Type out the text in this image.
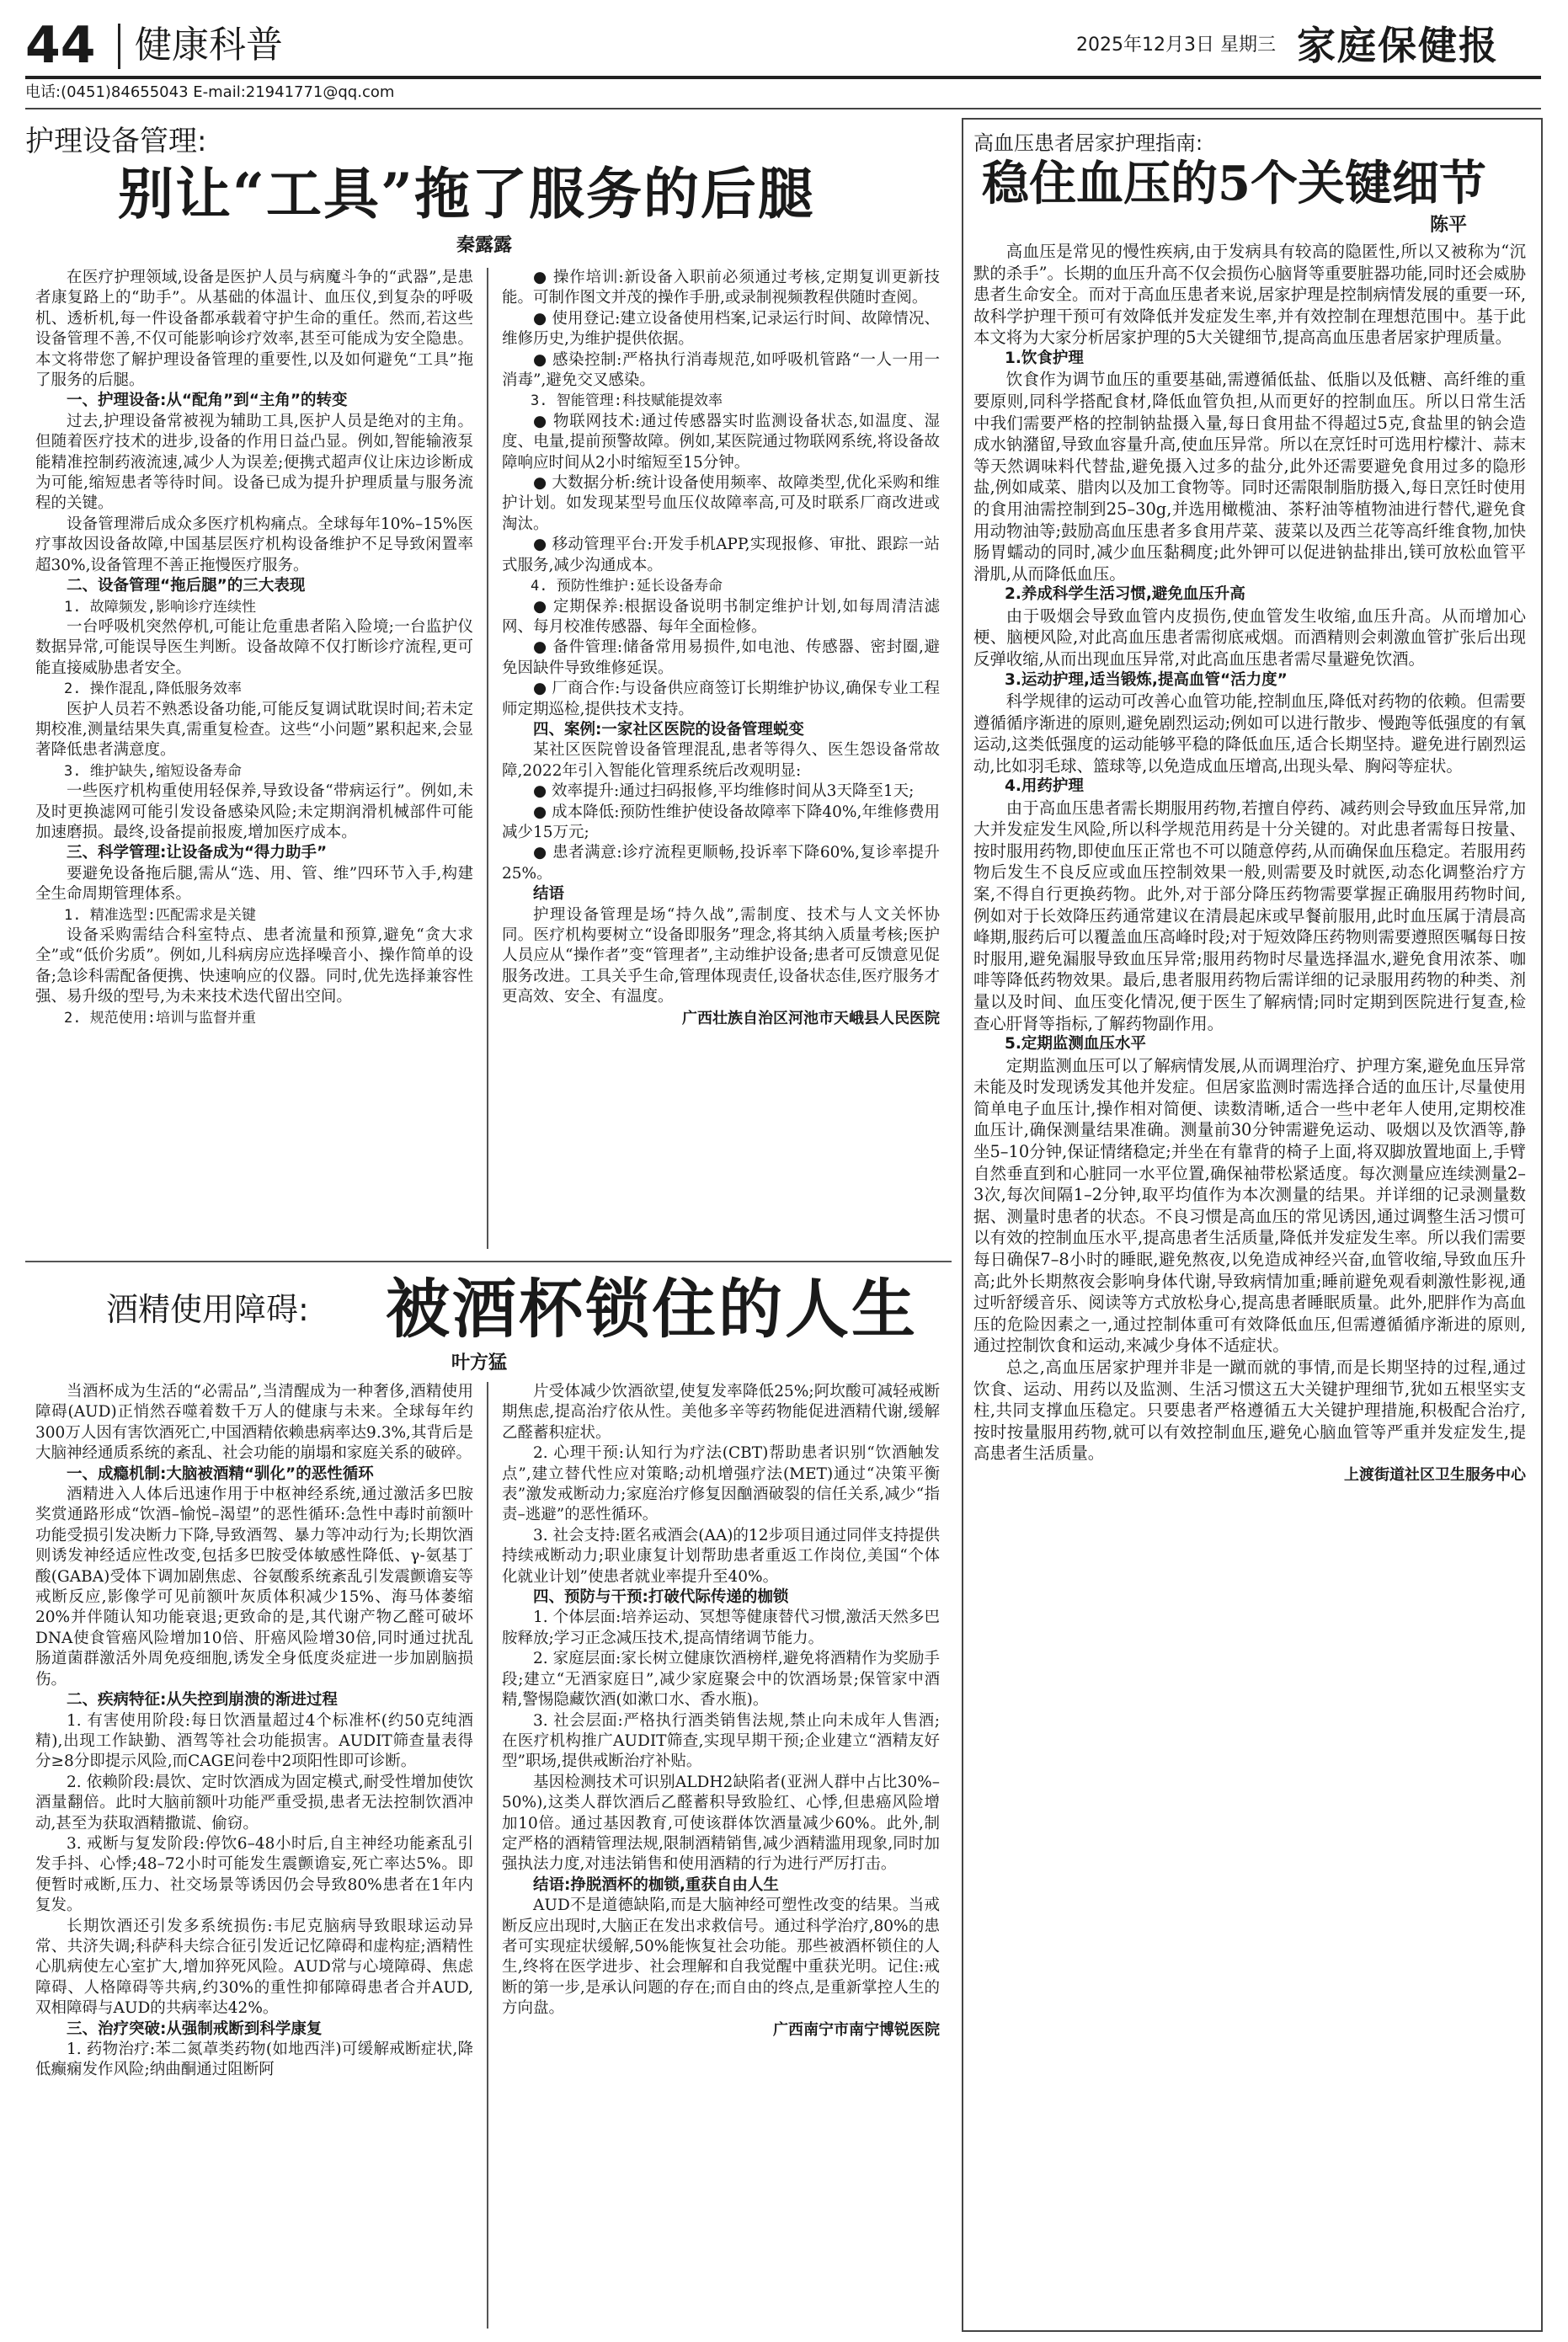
44 健康科普	2025年12月3日 星期三 家庭保健报
电话:(0451)84655043 E-mail:21941771@qq.com
护理设备管理:
别让“工具”拖了服务的后腿
秦露露

在医疗护理领域,设备是医护人员与病魔斗争的“武器”,是患者康复路上的“助手”。从基础的体温计、血压仪,到复杂的呼吸机、透析机,每一件设备都承载着守护生命的重任。然而,若这些设备管理不善,不仅可能影响诊疗效率,甚至可能成为安全隐患。本文将带您了解护理设备管理的重要性,以及如何避免“工具”拖了服务的后腿。

一、护理设备:从“配角”到“主角”的转变

过去,护理设备常被视为辅助工具,医护人员是绝对的主角。但随着医疗技术的进步,设备的作用日益凸显。例如,智能输液泵能精准控制药液流速,减少人为误差;便携式超声仪让床边诊断成为可能,缩短患者等待时间。设备已成为提升护理质量与服务流程的关键。

设备管理滞后成众多医疗机构痛点。全球每年10%–15%医疗事故因设备故障,中国基层医疗机构设备维护不足导致闲置率超30%,设备管理不善正拖慢医疗服务。

二、设备管理“拖后腿”的三大表现

1. 故障频发,影响诊疗连续性

一台呼吸机突然停机,可能让危重患者陷入险境;一台监护仪数据异常,可能误导医生判断。设备故障不仅打断诊疗流程,更可能直接威胁患者安全。

2. 操作混乱,降低服务效率

医护人员若不熟悉设备功能,可能反复调试耽误时间;若未定期校准,测量结果失真,需重复检查。这些“小问题”累积起来,会显著降低患者满意度。

3. 维护缺失,缩短设备寿命

一些医疗机构重使用轻保养,导致设备“带病运行”。例如,未及时更换滤网可能引发设备感染风险;未定期润滑机械部件可能加速磨损。最终,设备提前报废,增加医疗成本。

三、科学管理:让设备成为“得力助手”

要避免设备拖后腿,需从“选、用、管、维”四环节入手,构建全生命周期管理体系。

1. 精准选型:匹配需求是关键

设备采购需结合科室特点、患者流量和预算,避免“贪大求全”或“低价劣质”。例如,儿科病房应选择噪音小、操作简单的设备;急诊科需配备便携、快速响应的仪器。同时,优先选择兼容性强、易升级的型号,为未来技术迭代留出空间。

2. 规范使用:培训与监督并重

● 操作培训:新设备入职前必须通过考核,定期复训更新技能。可制作图文并茂的操作手册,或录制视频教程供随时查阅。

● 使用登记:建立设备使用档案,记录运行时间、故障情况、维修历史,为维护提供依据。

● 感染控制:严格执行消毒规范,如呼吸机管路“一人一用一消毒”,避免交叉感染。

3. 智能管理:科技赋能提效率

● 物联网技术:通过传感器实时监测设备状态,如温度、湿度、电量,提前预警故障。例如,某医院通过物联网系统,将设备故障响应时间从2小时缩短至15分钟。

● 大数据分析:统计设备使用频率、故障类型,优化采购和维护计划。如发现某型号血压仪故障率高,可及时联系厂商改进或淘汰。

● 移动管理平台:开发手机APP,实现报修、审批、跟踪一站式服务,减少沟通成本。

4. 预防性维护:延长设备寿命

● 定期保养:根据设备说明书制定维护计划,如每周清洁滤网、每月校准传感器、每年全面检修。

● 备件管理:储备常用易损件,如电池、传感器、密封圈,避免因缺件导致维修延误。

● 厂商合作:与设备供应商签订长期维护协议,确保专业工程师定期巡检,提供技术支持。

四、案例:一家社区医院的设备管理蜕变

某社区医院曾设备管理混乱,患者等得久、医生怨设备常故障,2022年引入智能化管理系统后改观明显:

● 效率提升:通过扫码报修,平均维修时间从3天降至1天;

● 成本降低:预防性维护使设备故障率下降40%,年维修费用减少15万元;

● 患者满意:诊疗流程更顺畅,投诉率下降60%,复诊率提升25%。

结语

护理设备管理是场“持久战”,需制度、技术与人文关怀协同。医疗机构要树立“设备即服务”理念,将其纳入质量考核;医护人员应从“操作者”变“管理者”,主动维护设备;患者可反馈意见促服务改进。工具关乎生命,管理体现责任,设备状态佳,医疗服务才更高效、安全、有温度。

广西壮族自治区河池市天峨县人民医院

酒精使用障碍: 被酒杯锁住的人生
叶方猛

当酒杯成为生活的“必需品”,当清醒成为一种奢侈,酒精使用障碍(AUD)正悄然吞噬着数千万人的健康与未来。全球每年约300万人因有害饮酒死亡,中国酒精依赖患病率达9.3%,其背后是大脑神经通质系统的紊乱、社会功能的崩塌和家庭关系的破碎。

一、成瘾机制:大脑被酒精“驯化”的恶性循环

酒精进入人体后迅速作用于中枢神经系统,通过激活多巴胺奖赏通路形成“饮酒–愉悦–渴望”的恶性循环:急性中毒时前额叶功能受损引发决断力下降,导致酒驾、暴力等冲动行为;长期饮酒则诱发神经适应性改变,包括多巴胺受体敏感性降低、γ-氨基丁酸(GABA)受体下调加剧焦虑、谷氨酸系统紊乱引发震颤谵妄等戒断反应,影像学可见前额叶灰质体积减少15%、海马体萎缩20%并伴随认知功能衰退;更致命的是,其代谢产物乙醛可破坏DNA使食管癌风险增加10倍、肝癌风险增30倍,同时通过扰乱肠道菌群激活外周免疫细胞,诱发全身低度炎症进一步加剧脑损伤。

二、疾病特征:从失控到崩溃的渐进过程

1. 有害使用阶段:每日饮酒量超过4个标准杯(约50克纯酒精),出现工作缺勤、酒驾等社会功能损害。AUDIT筛查量表得分≥8分即提示风险,而CAGE问卷中2项阳性即可诊断。

2. 依赖阶段:晨饮、定时饮酒成为固定模式,耐受性增加使饮酒量翻倍。此时大脑前额叶功能严重受损,患者无法控制饮酒冲动,甚至为获取酒精撒谎、偷窃。

3. 戒断与复发阶段:停饮6–48小时后,自主神经功能紊乱引发手抖、心悸;48–72小时可能发生震颤谵妄,死亡率达5%。即便暂时戒断,压力、社交场景等诱因仍会导致80%患者在1年内复发。

长期饮酒还引发多系统损伤:韦尼克脑病导致眼球运动异常、共济失调;科萨科夫综合征引发近记忆障碍和虚构症;酒精性心肌病使左心室扩大,增加猝死风险。AUD常与心境障碍、焦虑障碍、人格障碍等共病,约30%的重性抑郁障碍患者合并AUD,双相障碍与AUD的共病率达42%。

三、治疗突破:从强制戒断到科学康复

1. 药物治疗:苯二氮䓬类药物(如地西泮)可缓解戒断症状,降低癫痫发作风险;纳曲酮通过阻断阿

片受体减少饮酒欲望,使复发率降低25%;阿坎酸可减轻戒断期焦虑,提高治疗依从性。美他多辛等药物能促进酒精代谢,缓解乙醛蓄积症状。

2. 心理干预:认知行为疗法(CBT)帮助患者识别“饮酒触发点”,建立替代性应对策略;动机增强疗法(MET)通过“决策平衡表”激发戒断动力;家庭治疗修复因酗酒破裂的信任关系,减少“指责–逃避”的恶性循环。

3. 社会支持:匿名戒酒会(AA)的12步项目通过同伴支持提供持续戒断动力;职业康复计划帮助患者重返工作岗位,美国“个体化就业计划”使患者就业率提升至40%。

四、预防与干预:打破代际传递的枷锁

1. 个体层面:培养运动、冥想等健康替代习惯,激活天然多巴胺释放;学习正念减压技术,提高情绪调节能力。

2. 家庭层面:家长树立健康饮酒榜样,避免将酒精作为奖励手段;建立“无酒家庭日”,减少家庭聚会中的饮酒场景;保管家中酒精,警惕隐藏饮酒(如漱口水、香水瓶)。

3. 社会层面:严格执行酒类销售法规,禁止向未成年人售酒;在医疗机构推广AUDIT筛查,实现早期干预;企业建立“酒精友好型”职场,提供戒断治疗补贴。

基因检测技术可识别ALDH2缺陷者(亚洲人群中占比30%–50%),这类人群饮酒后乙醛蓄积导致脸红、心悸,但患癌风险增加10倍。通过基因教育,可使该群体饮酒量减少60%。此外,制定严格的酒精管理法规,限制酒精销售,减少酒精滥用现象,同时加强执法力度,对违法销售和使用酒精的行为进行严厉打击。

结语:挣脱酒杯的枷锁,重获自由人生

AUD不是道德缺陷,而是大脑神经可塑性改变的结果。当戒断反应出现时,大脑正在发出求救信号。通过科学治疗,80%的患者可实现症状缓解,50%能恢复社会功能。那些被酒杯锁住的人生,终将在医学进步、社会理解和自我觉醒中重获光明。记住:戒断的第一步,是承认问题的存在;而自由的终点,是重新掌控人生的方向盘。

广西南宁市南宁博锐医院

高血压患者居家护理指南:
稳住血压的5个关键细节
陈平

高血压是常见的慢性疾病,由于发病具有较高的隐匿性,所以又被称为“沉默的杀手”。长期的血压升高不仅会损伤心脑肾等重要脏器功能,同时还会威胁患者生命安全。而对于高血压患者来说,居家护理是控制病情发展的重要一环,故科学护理干预可有效降低并发症发生率,并有效控制在理想范围中。基于此本文将为大家分析居家护理的5大关键细节,提高高血压患者居家护理质量。

1.饮食护理

饮食作为调节血压的重要基础,需遵循低盐、低脂以及低糖、高纤维的重要原则,同科学搭配食材,降低血管负担,从而更好的控制血压。所以日常生活中我们需要严格的控制钠盐摄入量,每日食用盐不得超过5克,食盐里的钠会造成水钠潴留,导致血容量升高,使血压异常。所以在烹饪时可选用柠檬汁、蒜末等天然调味料代替盐,避免摄入过多的盐分,此外还需要避免食用过多的隐形盐,例如咸菜、腊肉以及加工食物等。同时还需限制脂肪摄入,每日烹饪时使用的食用油需控制到25–30g,并选用橄榄油、茶籽油等植物油进行替代,避免食用动物油等;鼓励高血压患者多食用芹菜、菠菜以及西兰花等高纤维食物,加快肠胃蠕动的同时,减少血压黏稠度;此外钾可以促进钠盐排出,镁可放松血管平滑肌,从而降低血压。

2.养成科学生活习惯,避免血压升高

由于吸烟会导致血管内皮损伤,使血管发生收缩,血压升高。从而增加心梗、脑梗风险,对此高血压患者需彻底戒烟。而酒精则会刺激血管扩张后出现反弹收缩,从而出现血压异常,对此高血压患者需尽量避免饮酒。

3.运动护理,适当锻炼,提高血管“活力度”

科学规律的运动可改善心血管功能,控制血压,降低对药物的依赖。但需要遵循循序渐进的原则,避免剧烈运动;例如可以进行散步、慢跑等低强度的有氧运动,这类低强度的运动能够平稳的降低血压,适合长期坚持。避免进行剧烈运动,比如羽毛球、篮球等,以免造成血压增高,出现头晕、胸闷等症状。

4.用药护理

由于高血压患者需长期服用药物,若擅自停药、减药则会导致血压异常,加大并发症发生风险,所以科学规范用药是十分关键的。对此患者需每日按量、按时服用药物,即使血压正常也不可以随意停药,从而确保血压稳定。若服用药物后发生不良反应或血压控制效果一般,则需要及时就医,动态化调整治疗方案,不得自行更换药物。此外,对于部分降压药物需要掌握正确服用药物时间,例如对于长效降压药通常建议在清晨起床或早餐前服用,此时血压属于清晨高峰期,服药后可以覆盖血压高峰时段;对于短效降压药物则需要遵照医嘱每日按时服用,避免漏服导致血压异常;服用药物时尽量选择温水,避免食用浓茶、咖啡等降低药物效果。最后,患者服用药物后需详细的记录服用药物的种类、剂量以及时间、血压变化情况,便于医生了解病情;同时定期到医院进行复查,检查心肝肾等指标,了解药物副作用。

5.定期监测血压水平

定期监测血压可以了解病情发展,从而调理治疗、护理方案,避免血压异常未能及时发现诱发其他并发症。但居家监测时需选择合适的血压计,尽量使用简单电子血压计,操作相对简便、读数清晰,适合一些中老年人使用,定期校准血压计,确保测量结果准确。测量前30分钟需避免运动、吸烟以及饮酒等,静坐5–10分钟,保证情绪稳定;并坐在有靠背的椅子上面,将双脚放置地面上,手臂自然垂直到和心脏同一水平位置,确保袖带松紧适度。每次测量应连续测量2–3次,每次间隔1–2分钟,取平均值作为本次测量的结果。并详细的记录测量数据、测量时患者的状态。不良习惯是高血压的常见诱因,通过调整生活习惯可以有效的控制血压水平,提高患者生活质量,降低并发症发生率。所以我们需要每日确保7–8小时的睡眠,避免熬夜,以免造成神经兴奋,血管收缩,导致血压升高;此外长期熬夜会影响身体代谢,导致病情加重;睡前避免观看刺激性影视,通过听舒缓音乐、阅读等方式放松身心,提高患者睡眠质量。此外,肥胖作为高血压的危险因素之一,通过控制体重可有效降低血压,但需遵循循序渐进的原则,通过控制饮食和运动,来减少身体不适症状。

总之,高血压居家护理并非是一蹴而就的事情,而是长期坚持的过程,通过饮食、运动、用药以及监测、生活习惯这五大关键护理细节,犹如五根坚实支柱,共同支撑血压稳定。只要患者严格遵循五大关键护理措施,积极配合治疗,按时按量服用药物,就可以有效控制血压,避免心脑血管等严重并发症发生,提高患者生活质量。

上渡街道社区卫生服务中心
